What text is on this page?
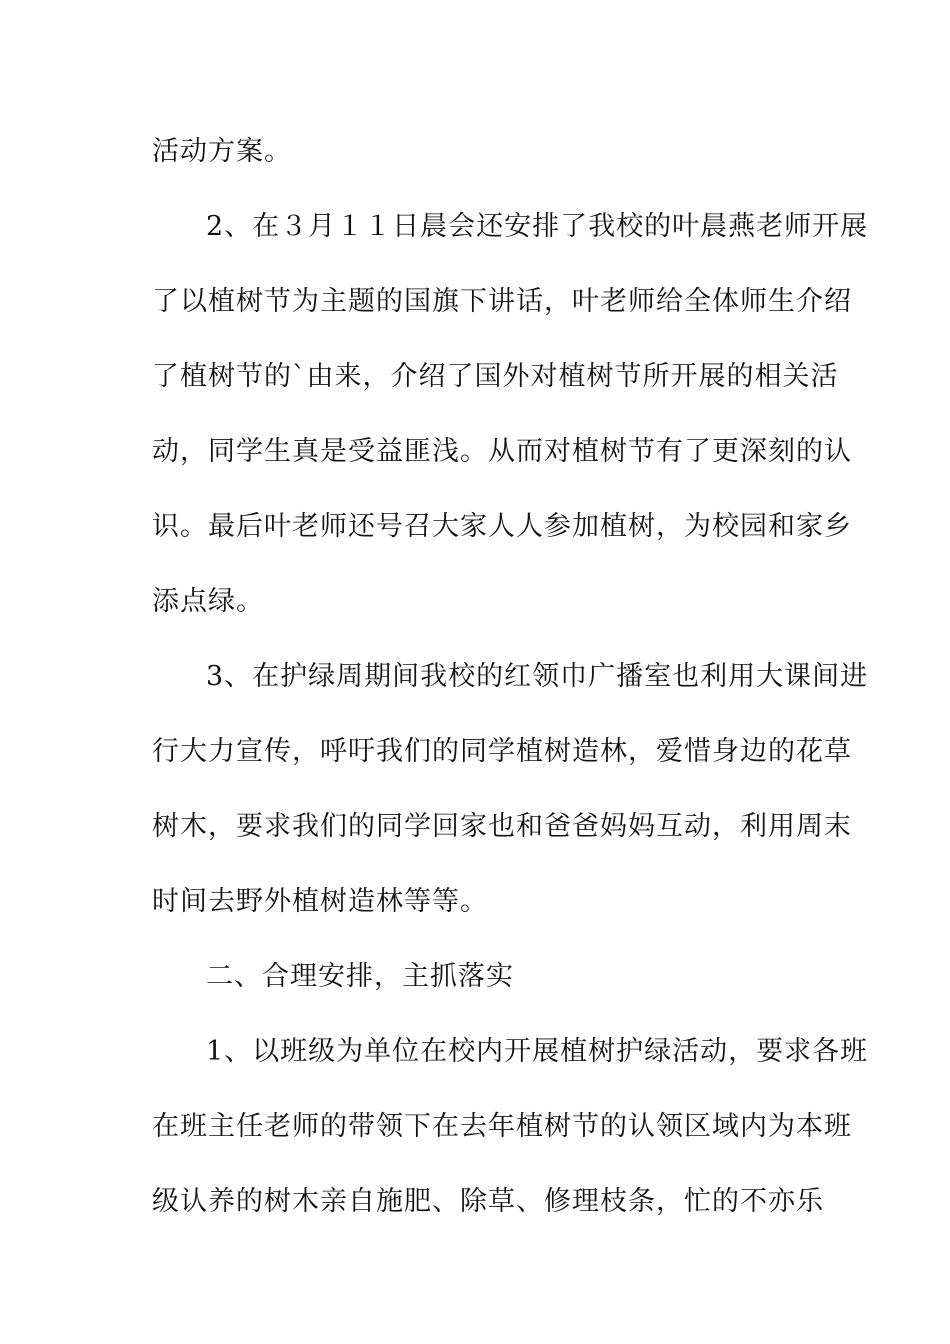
活动方案。
2、在３月１１日晨会还安排了我校的叶晨燕老师开展
了以植树节为主题的国旗下讲话，叶老师给全体师生介绍
了植树节的`由来，介绍了国外对植树节所开展的相关活
动，同学生真是受益匪浅。从而对植树节有了更深刻的认
识。最后叶老师还号召大家人人参加植树，为校园和家乡
添点绿。
3、在护绿周期间我校的红领巾广播室也利用大课间进
行大力宣传，呼吁我们的同学植树造林，爱惜身边的花草
树木，要求我们的同学回家也和爸爸妈妈互动，利用周末
时间去野外植树造林等等。
二、合理安排，主抓落实
1、以班级为单位在校内开展植树护绿活动，要求各班
在班主任老师的带领下在去年植树节的认领区域内为本班
级认养的树木亲自施肥、除草、修理枝条，忙的不亦乐
